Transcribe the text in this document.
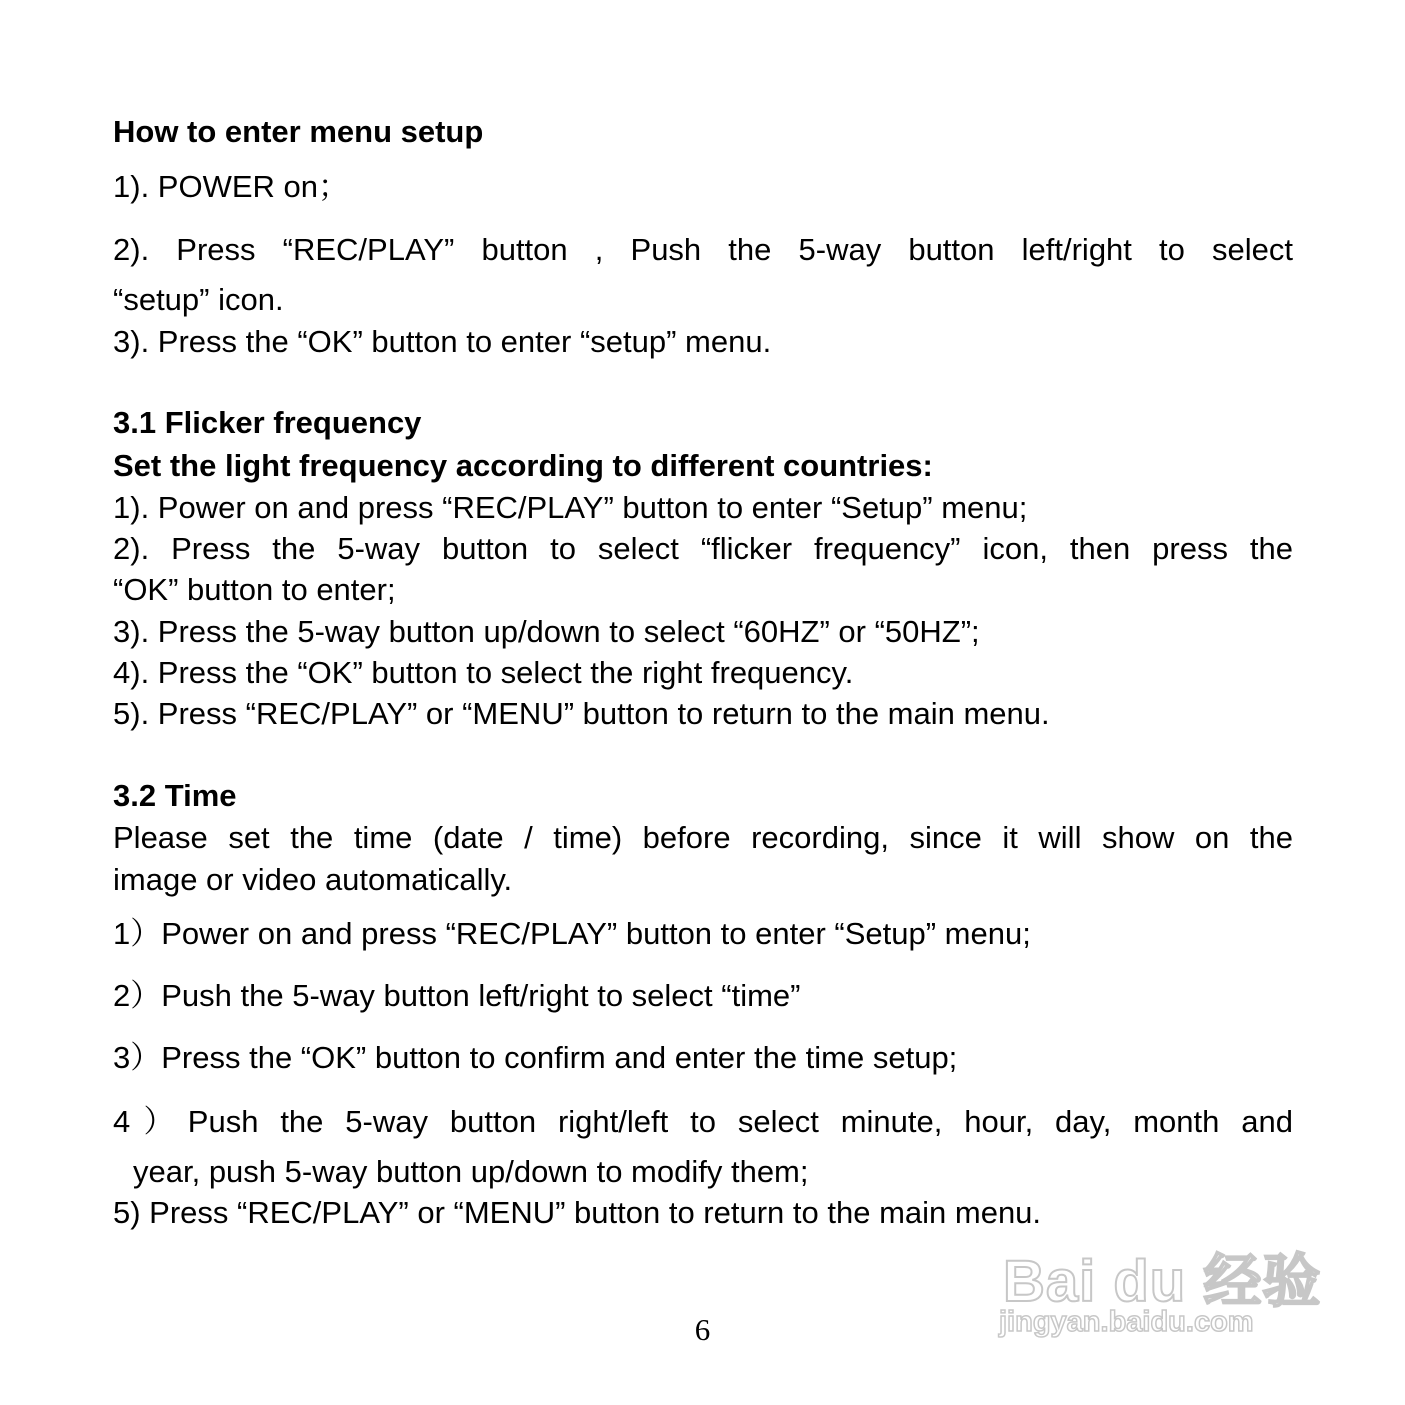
How to enter menu setup
1). POWER on；
2). Press “REC/PLAY” button , Push the 5-way button left/right to select
“setup” icon.
3). Press the “OK” button to enter “setup” menu.
3.1 Flicker frequency
Set the light frequency according to different countries:
1). Power on and press “REC/PLAY” button to enter “Setup” menu;
2). Press the 5-way button to select “flicker frequency” icon, then press the
“OK” button to enter;
3). Press the 5-way button up/down to select “60HZ” or “50HZ”;
4). Press the “OK” button to select the right frequency.
5). Press “REC/PLAY” or “MENU” button to return to the main menu.
3.2 Time
Please set the time (date / time) before recording, since it will show on the
image or video automatically.
1）Power on and press “REC/PLAY” button to enter “Setup” menu;
2）Push the 5-way button left/right to select “time”
3）Press the “OK” button to confirm and enter the time setup;
4）Push the 5-way button right/left to select minute, hour, day, month and
year, push 5-way button up/down to modify them;
5) Press “REC/PLAY” or “MENU” button to return to the main menu.
6
Bai du 经验
jingyan.baidu.com
